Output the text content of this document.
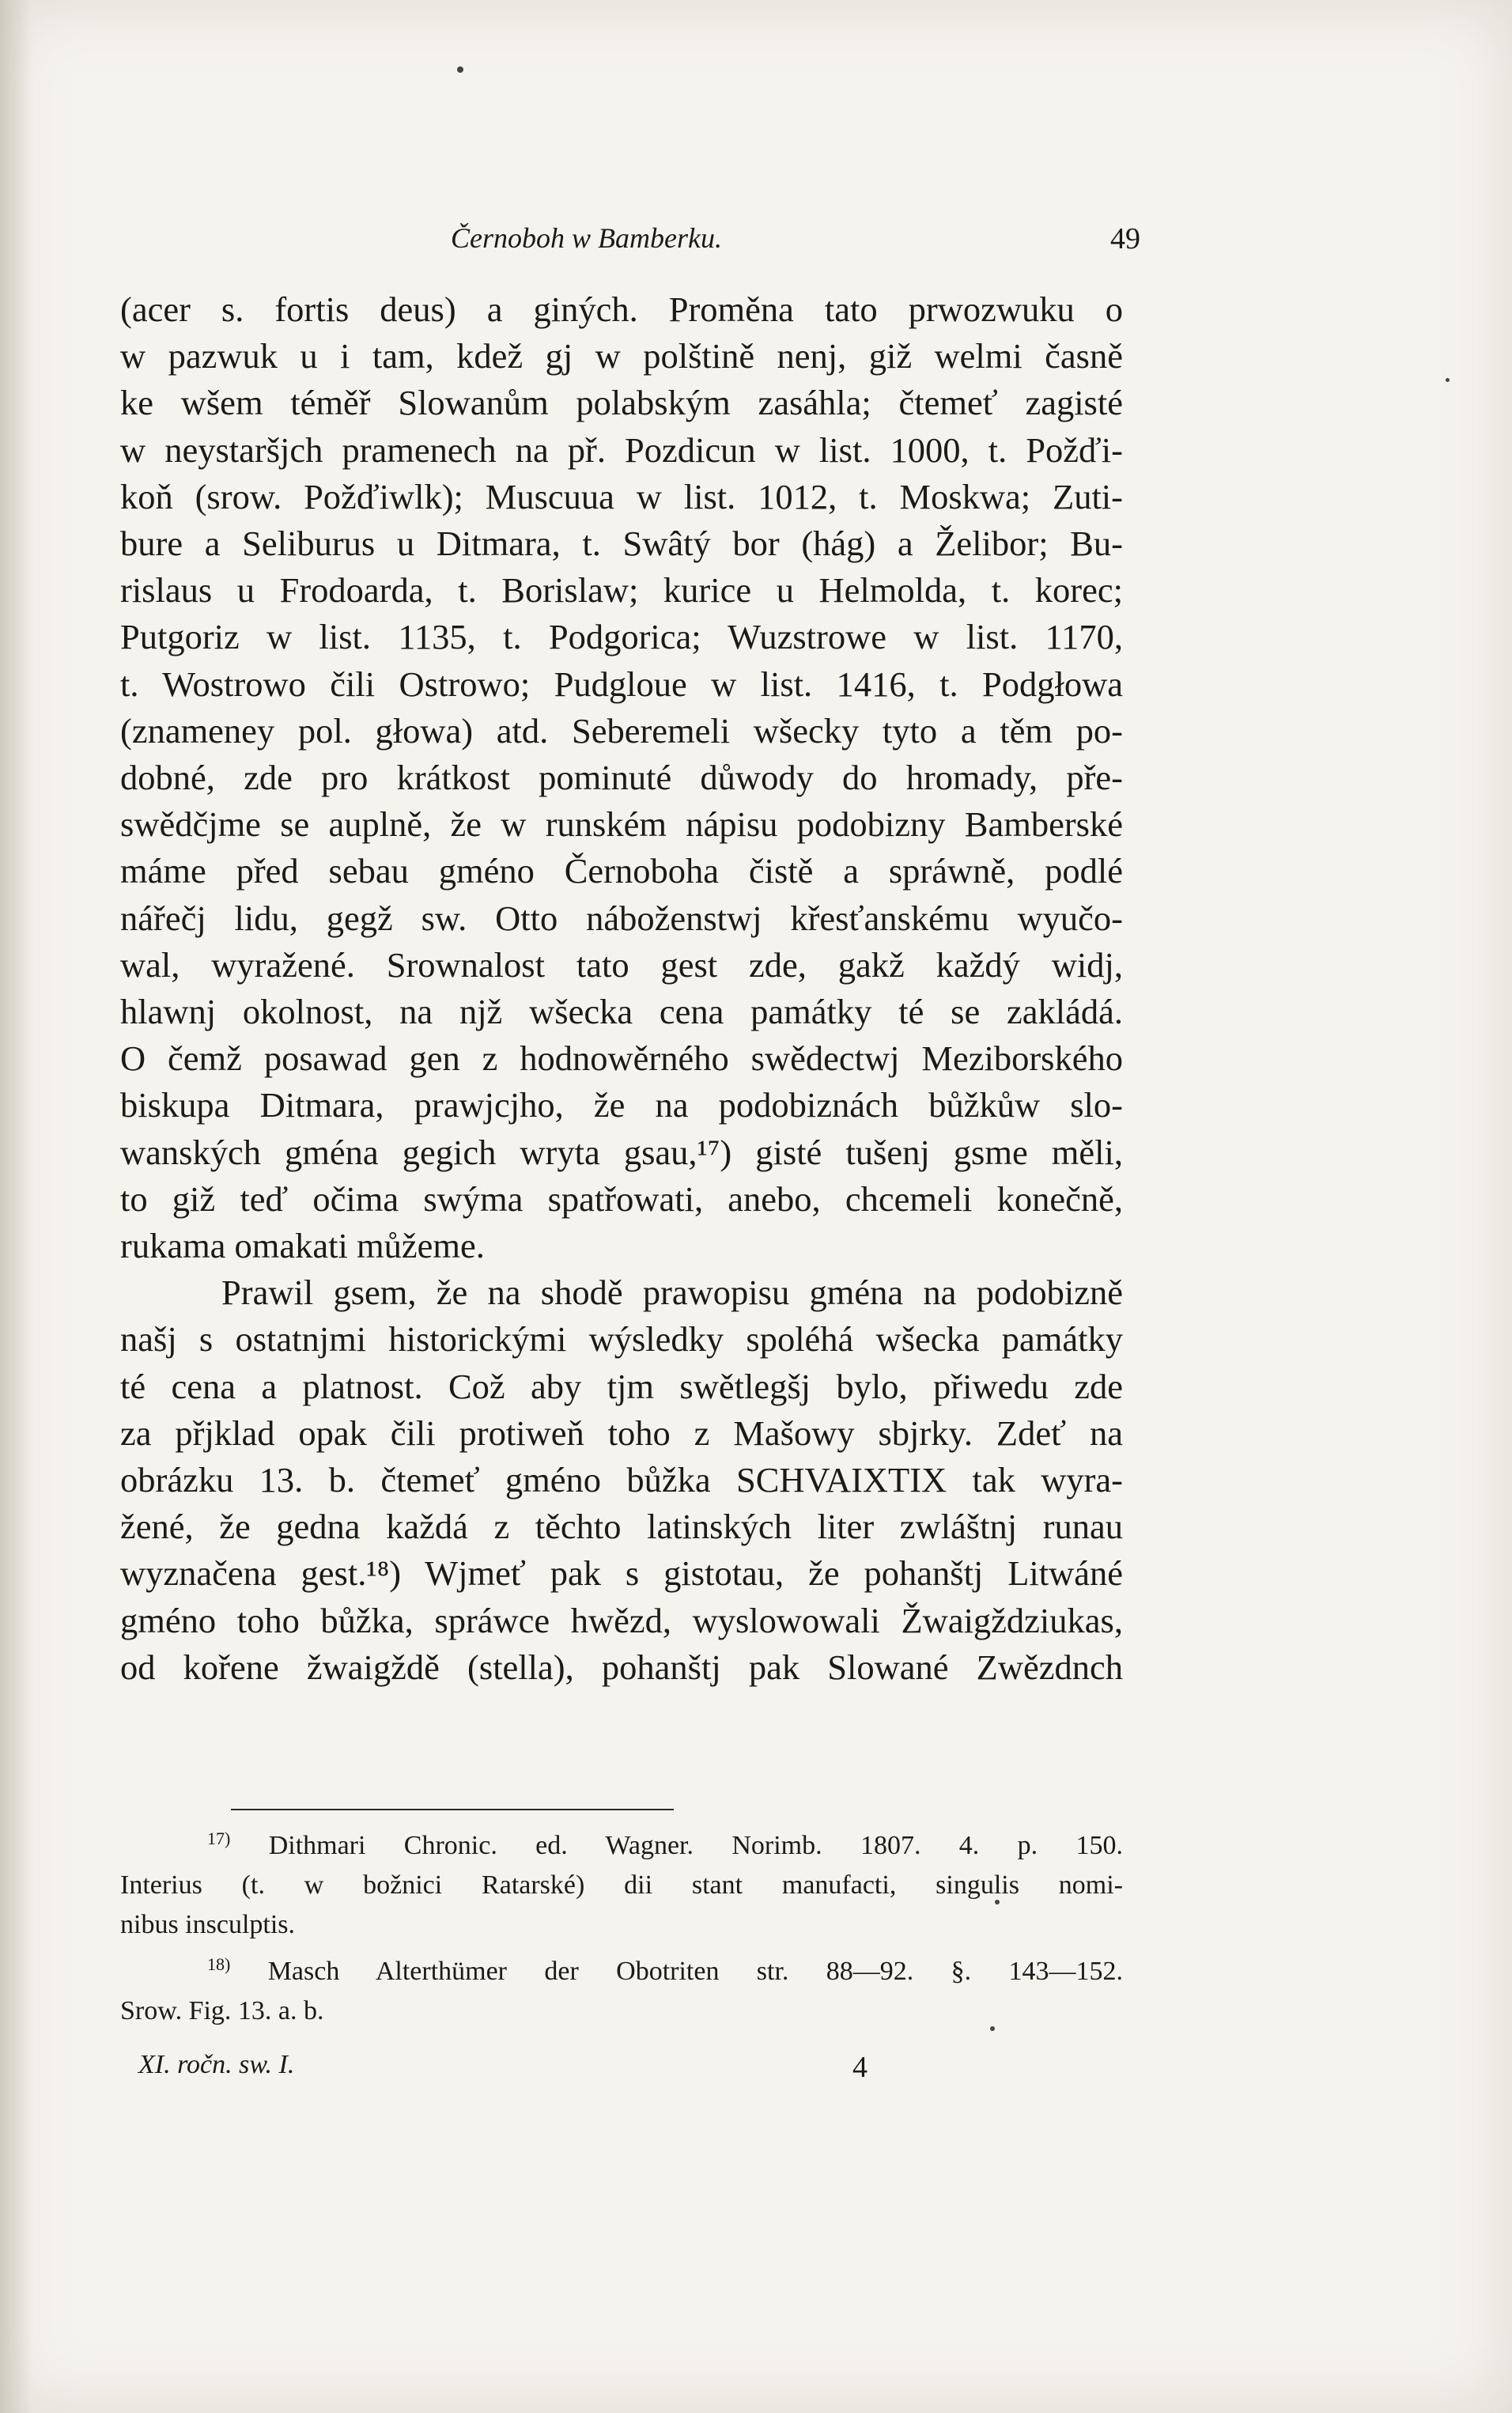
Černoboh w Bamberku.	49
(acer s. fortis deus) a giných. Proměna tato prwozwuku o
w pazwuk u i tam, kdež gj w polštině nenj, giž welmi časně
ke wšem téměř Slowanům polabským zasáhla; čtemeť zagisté
w neystaršjch pramenech na př. Pozdicun w list. 1000, t. Požďi-
koň (srow. Požďiwlk); Muscuua w list. 1012, t. Moskwa; Zuti-
bure a Seliburus u Ditmara, t. Swâtý bor (hág) a Želibor; Bu-
rislaus u Frodoarda, t. Borislaw; kurice u Helmolda, t. korec;
Putgoriz w list. 1135, t. Podgorica; Wuzstrowe w list. 1170,
t. Wostrowo čili Ostrowo; Pudgloue w list. 1416, t. Podgłowa
(znameney pol. głowa) atd. Seberemeli wšecky tyto a těm po-
dobné, zde pro krátkost pominuté důwody do hromady, pře-
swědčjme se auplně, že w runském nápisu podobizny Bamberské
máme před sebau gméno Černoboha čistě a spráwně, podlé
nářečj lidu, gegž sw. Otto náboženstwj křesťanskému wyučo-
wal, wyražené. Srownalost tato gest zde, gakž každý widj,
hlawnj okolnost, na njž wšecka cena památky té se zakládá.
O čemž posawad gen z hodnowěrného swědectwj Meziborského
biskupa Ditmara, prawjcjho, že na podobiznách bůžkůw slo-
wanských gména gegich wryta gsau,¹⁷) gisté tušenj gsme měli,
to giž teď očima swýma spatřowati, anebo, chcemeli konečně,
rukama omakati můžeme.
Prawil gsem, že na shodě prawopisu gména na podobizně
našj s ostatnjmi historickými wýsledky spoléhá wšecka památky
té cena a platnost. Což aby tjm swětlegšj bylo, přiwedu zde
za přjklad opak čili protiweň toho z Mašowy sbjrky. Zdeť na
obrázku 13. b. čtemeť gméno bůžka SCHVAIXTIX tak wyra-
žené, že gedna každá z těchto latinských liter zwláštnj runau
wyznačena gest.¹⁸) Wjmeť pak s gistotau, že pohanštj Litwáné
gméno toho bůžka, spráwce hwězd, wyslowowali Žwaigždziukas,
od kořene žwaigždě (stella), pohanštj pak Slowané Zwězdnch
$^{17)}$ Dithmari Chronic. ed. Wagner. Norimb. 1807. 4. p. 150.
Interius (t. w božnici Ratarské) dii stant manufacti, singulis nomi-
nibus insculptis.
$^{18)}$ Masch Alterthümer der Obotriten str. 88—92. §. 143—152.
Srow. Fig. 13. a. b.
XI. ročn. sw. I.	4
